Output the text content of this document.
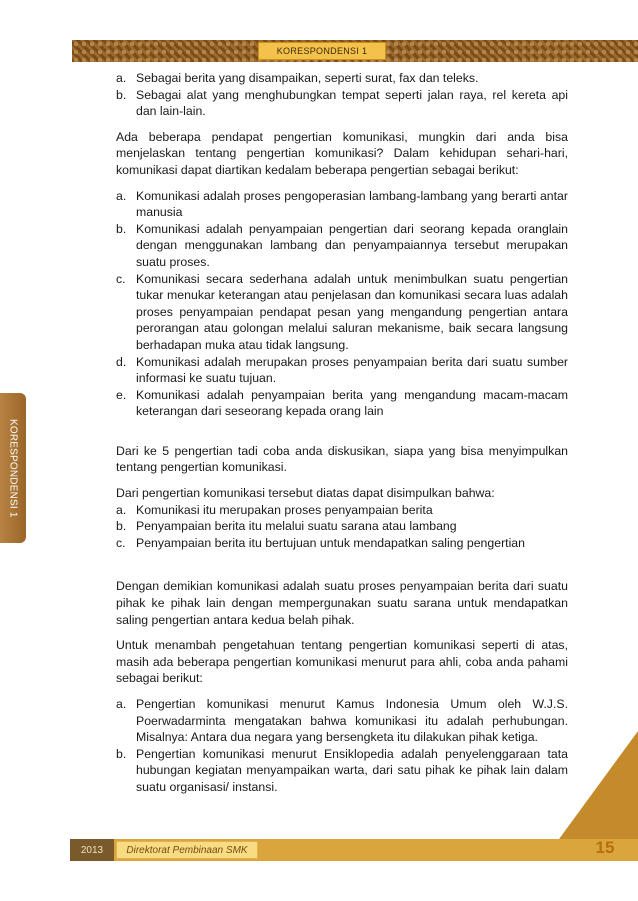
KORESPONDENSI 1
KORESPONDENSI 1
2013	Direktorat Pembinaan SMK	15
a. Sebagai berita yang disampaikan, seperti surat, fax dan teleks.
b. Sebagai alat yang menghubungkan tempat seperti jalan raya, rel kereta api dan lain-lain.

Ada beberapa pendapat pengertian komunikasi, mungkin dari anda bisa menjelaskan tentang pengertian komunikasi? Dalam kehidupan sehari-hari, komunikasi dapat diartikan kedalam beberapa pengertian sebagai berikut:

a. Komunikasi adalah proses pengoperasian lambang-lambang yang berarti antar manusia
b. Komunikasi adalah penyampaian pengertian dari seorang kepada oranglain dengan menggunakan lambang dan penyampaiannya tersebut merupakan suatu proses.
c. Komunikasi secara sederhana adalah untuk menimbulkan suatu pengertian tukar menukar keterangan atau penjelasan dan komunikasi secara luas adalah proses penyampaian pendapat pesan yang mengandung pengertian antara perorangan atau golongan melalui saluran mekanisme, baik secara langsung berhadapan muka atau tidak langsung.
d. Komunikasi adalah merupakan proses penyampaian berita dari suatu sumber informasi ke suatu tujuan.
e. Komunikasi adalah penyampaian berita yang mengandung macam-macam keterangan dari seseorang kepada orang lain

Dari ke 5 pengertian tadi coba anda diskusikan, siapa yang bisa menyimpulkan tentang pengertian komunikasi.

Dari pengertian komunikasi tersebut diatas dapat disimpulkan bahwa:

a. Komunikasi itu merupakan proses penyampaian berita
b. Penyampaian berita itu melalui suatu sarana atau lambang
c. Penyampaian berita itu bertujuan untuk mendapatkan saling pengertian

Dengan demikian komunikasi adalah suatu proses penyampaian berita dari suatu pihak ke pihak lain dengan mempergunakan suatu sarana untuk mendapatkan saling pengertian antara kedua belah pihak.

Untuk menambah pengetahuan tentang pengertian komunikasi seperti di atas, masih ada beberapa pengertian komunikasi menurut para ahli, coba anda pahami sebagai berikut:

a. Pengertian komunikasi menurut Kamus Indonesia Umum oleh W.J.S. Poerwadarminta mengatakan bahwa komunikasi itu adalah perhubungan. Misalnya: Antara dua negara yang bersengketa itu dilakukan pihak ketiga.
b. Pengertian komunikasi menurut Ensiklopedia adalah penyelenggaraan tata hubungan kegiatan menyampaikan warta, dari satu pihak ke pihak lain dalam suatu organisasi/ instansi.
